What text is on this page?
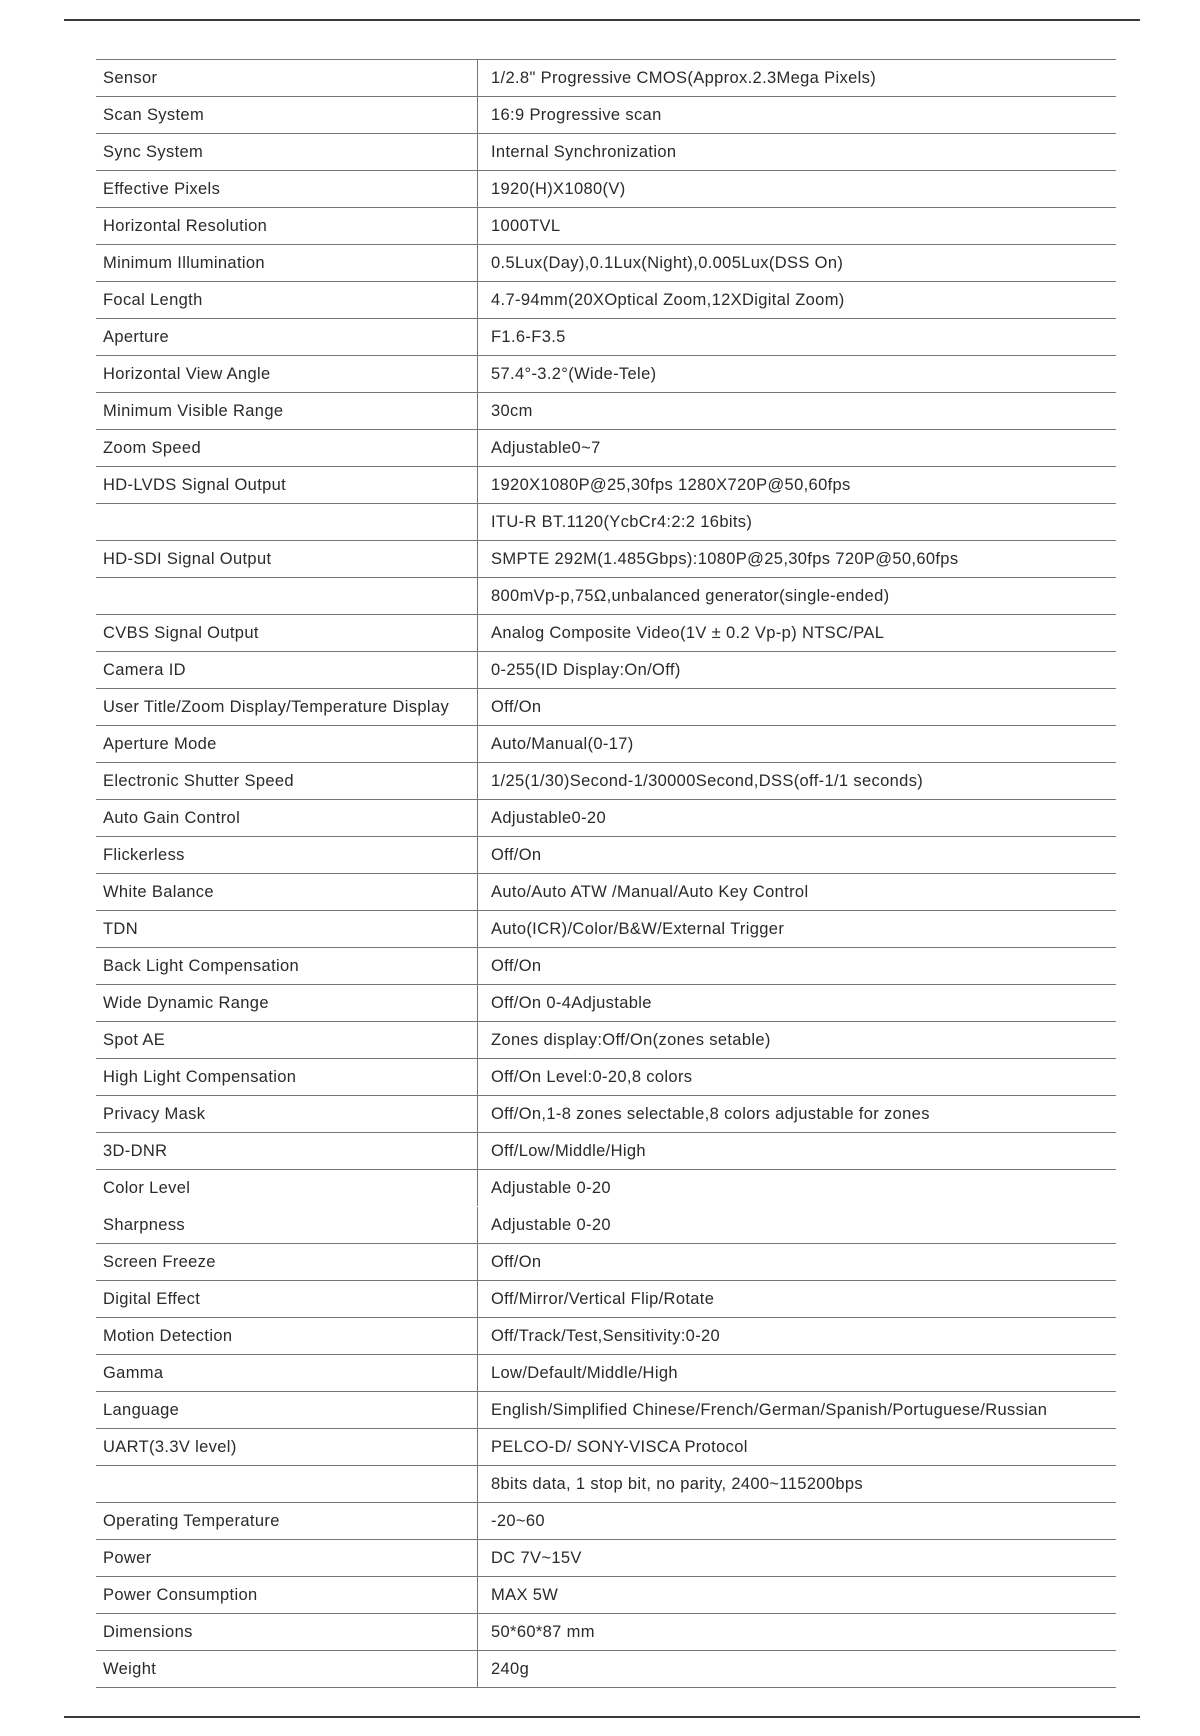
Sensor	1/2.8" Progressive CMOS(Approx.2.3Mega Pixels)
Scan System	16:9 Progressive scan
Sync System	Internal Synchronization
Effective Pixels	1920(H)X1080(V)
Horizontal Resolution	1000TVL
Minimum Illumination	0.5Lux(Day),0.1Lux(Night),0.005Lux(DSS On)
Focal Length	4.7-94mm(20XOptical Zoom,12XDigital Zoom)
Aperture	F1.6-F3.5
Horizontal View Angle	57.4°-3.2°(Wide-Tele)
Minimum Visible Range	30cm
Zoom Speed	Adjustable0~7
HD-LVDS Signal Output	1920X1080P@25,30fps 1280X720P@50,60fps
ITU-R BT.1120(YcbCr4:2:2 16bits)
HD-SDI Signal Output	SMPTE 292M(1.485Gbps):1080P@25,30fps 720P@50,60fps
800mVp-p,75Ω,unbalanced generator(single-ended)
CVBS Signal Output	Analog Composite Video(1V ± 0.2 Vp-p) NTSC/PAL
Camera ID	0-255(ID Display:On/Off)
User Title/Zoom Display/Temperature Display	Off/On
Aperture Mode	Auto/Manual(0-17)
Electronic Shutter Speed	1/25(1/30)Second-1/30000Second,DSS(off-1/1 seconds)
Auto Gain Control	Adjustable0-20
Flickerless	Off/On
White Balance	Auto/Auto ATW /Manual/Auto Key Control
TDN	Auto(ICR)/Color/B&W/External Trigger
Back Light Compensation	Off/On
Wide Dynamic Range	Off/On 0-4Adjustable
Spot AE	Zones display:Off/On(zones setable)
High Light Compensation	Off/On Level:0-20,8 colors
Privacy Mask	Off/On,1-8 zones selectable,8 colors adjustable for zones
3D-DNR	Off/Low/Middle/High
Color Level	Adjustable 0-20
Sharpness	Adjustable 0-20
Screen Freeze	Off/On
Digital Effect	Off/Mirror/Vertical Flip/Rotate
Motion Detection	Off/Track/Test,Sensitivity:0-20
Gamma	Low/Default/Middle/High
Language	English/Simplified Chinese/French/German/Spanish/Portuguese/Russian
UART(3.3V level)	PELCO-D/ SONY-VISCA Protocol
8bits data, 1 stop bit, no parity, 2400~115200bps
Operating Temperature	-20~60
Power	DC 7V~15V
Power Consumption	MAX 5W
Dimensions	50*60*87 mm
Weight	240g
